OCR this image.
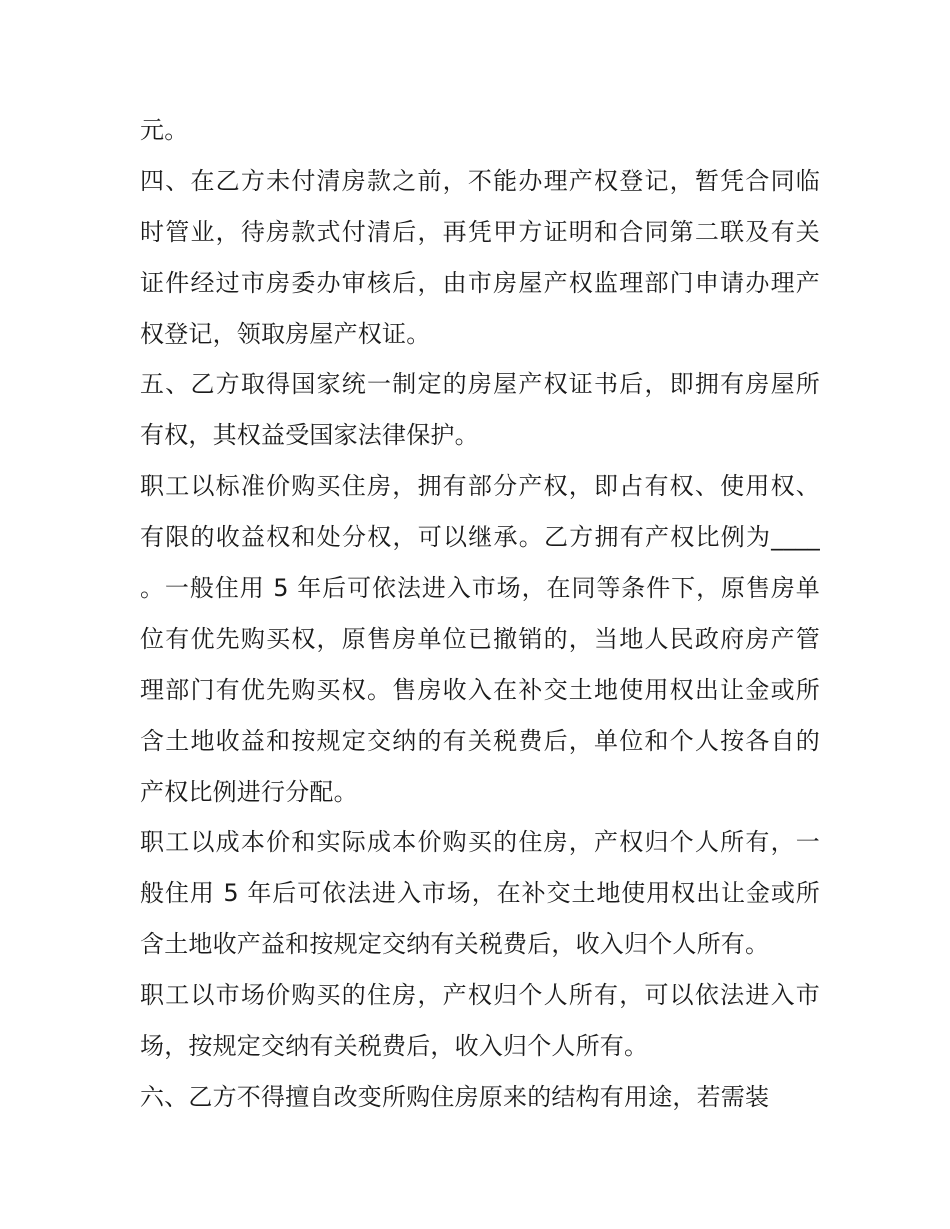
元。
四、在乙方未付清房款之前，不能办理产权登记，暂凭合同临
时管业，待房款式付清后，再凭甲方证明和合同第二联及有关
证件经过市房委办审核后，由市房屋产权监理部门申请办理产
权登记，领取房屋产权证。
五、乙方取得国家统一制定的房屋产权证书后，即拥有房屋所
有权，其权益受国家法律保护。
职工以标准价购买住房，拥有部分产权，即占有权、使用权、
有限的收益权和处分权，可以继承。乙方拥有产权比例为____
。一般住用 5 年后可依法进入市场，在同等条件下，原售房单
位有优先购买权，原售房单位已撤销的，当地人民政府房产管
理部门有优先购买权。售房收入在补交土地使用权出让金或所
含土地收益和按规定交纳的有关税费后，单位和个人按各自的
产权比例进行分配。
职工以成本价和实际成本价购买的住房，产权归个人所有，一
般住用 5 年后可依法进入市场，在补交土地使用权出让金或所
含土地收产益和按规定交纳有关税费后，收入归个人所有。
职工以市场价购买的住房，产权归个人所有，可以依法进入市
场，按规定交纳有关税费后，收入归个人所有。
六、乙方不得擅自改变所购住房原来的结构有用途，若需装
